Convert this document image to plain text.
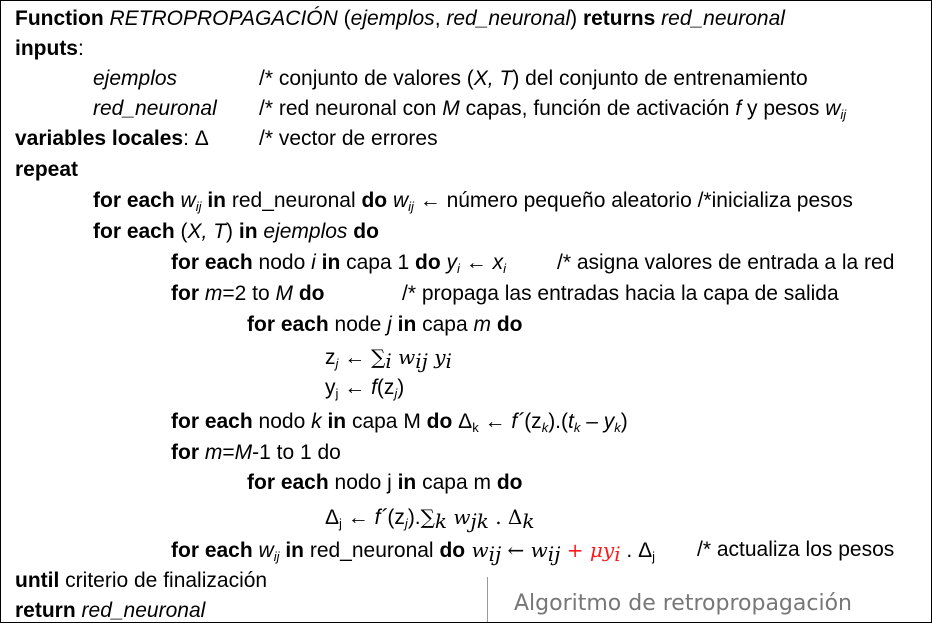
Function RETROPROPAGACIÓN (ejemplos, red_neuronal) returns red_neuronal
inputs:
ejemplos	/* conjunto de valores (X, T) del conjunto de entrenamiento
red_neuronal /* red neuronal con M capas, función de activación f y pesos $w_{ij}$
variables locales: Δ /* vector de errores
repeat
for each $w_{ij}$ in red_neuronal do $w_{ij}$ ← número pequeño aleatorio /*inicializa pesos
for each (X, T) in ejemplos do
for each nodo i in capa 1 do $y_i$ ← $x_i$ /* asigna valores de entrada a la red
for m=2 to M do	/* propaga las entradas hacia la capa de salida
for each node j in capa m do
$z_j$ ← ∑i wij yi
$y_j$ ← $f(z_j)$
for each nodo k in capa M do $\Delta_k$ ← $f´(z_k).(t_k - y_k)$
for m=M-1 to 1 do
for each nodo j in capa m do
$\Delta_j$ ← $f´(z_j).\sum k$ wjk . Δk
for each $w_{ij}$ in red_neuronal do wij ← wij + μyi . $\Delta_j$ /* actualiza los pesos
until criterio de finalización
return red_neuronal	Algoritmo de retropropagación
